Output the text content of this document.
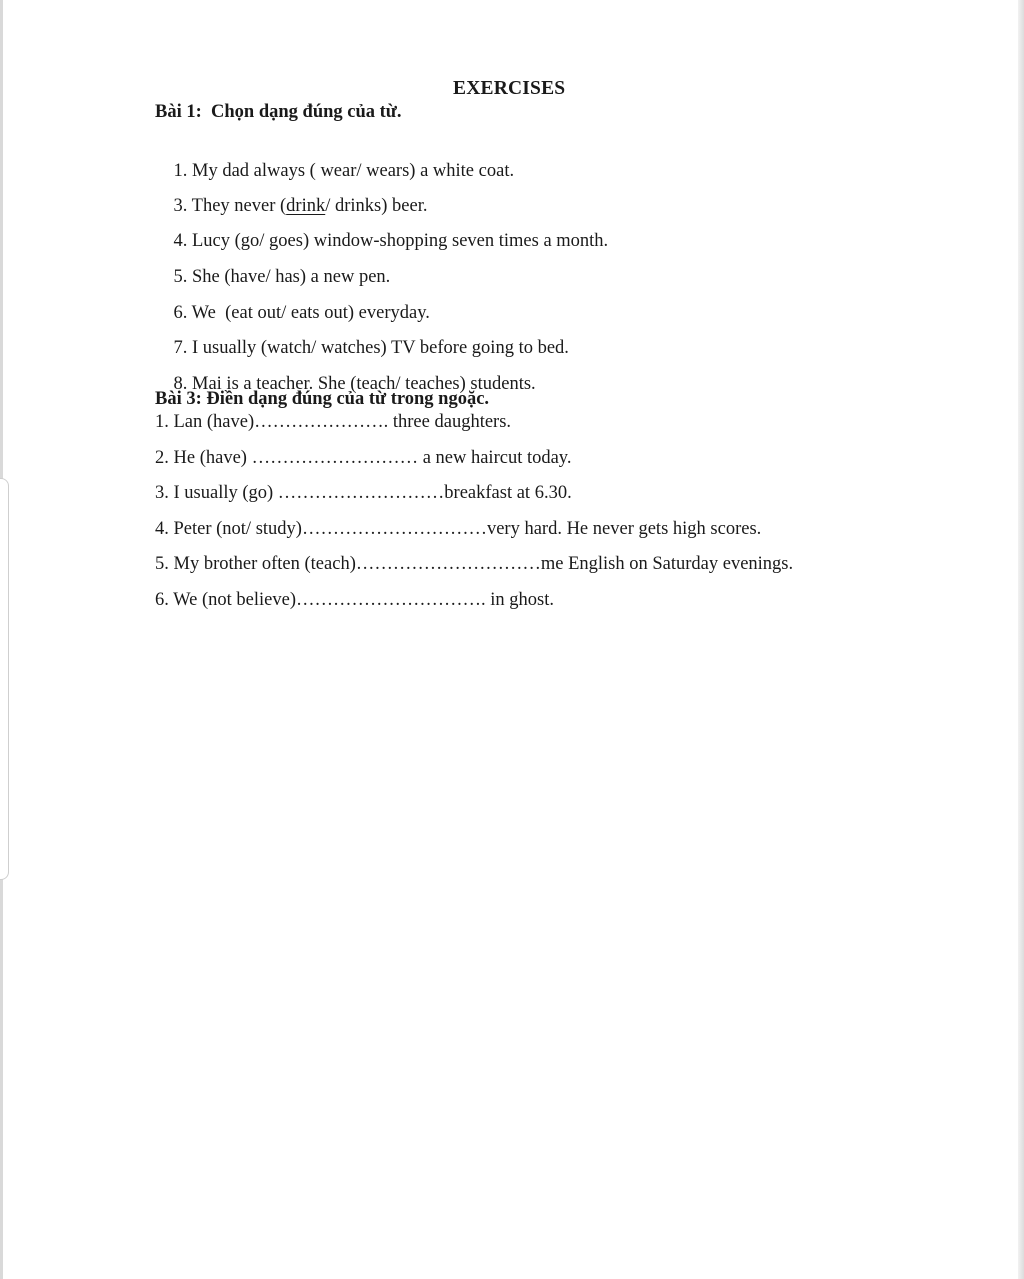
EXERCISES
Bài 1:  Chọn dạng đúng của từ.

1. My dad always ( wear/ wears) a white coat.

3. They never (drink/ drinks) beer.

4. Lucy (go/ goes) window-shopping seven times a month.

5. She (have/ has) a new pen.

6. We  (eat out/ eats out) everyday.

7. I usually (watch/ watches) TV before going to bed.

8. Mai is a teacher. She (teach/ teaches) students.

Bài 3: Điền dạng đúng của từ trong ngoặc.
1. Lan (have)…………………. three daughters.
2. He (have) ……………………… a new haircut today.
3. I usually (go) ………………………breakfast at 6.30.
4. Peter (not/ study)…………………………very hard. He never gets high scores.
5. My brother often (teach)…………………………me English on Saturday evenings.
6. We (not believe)…………………………. in ghost.
